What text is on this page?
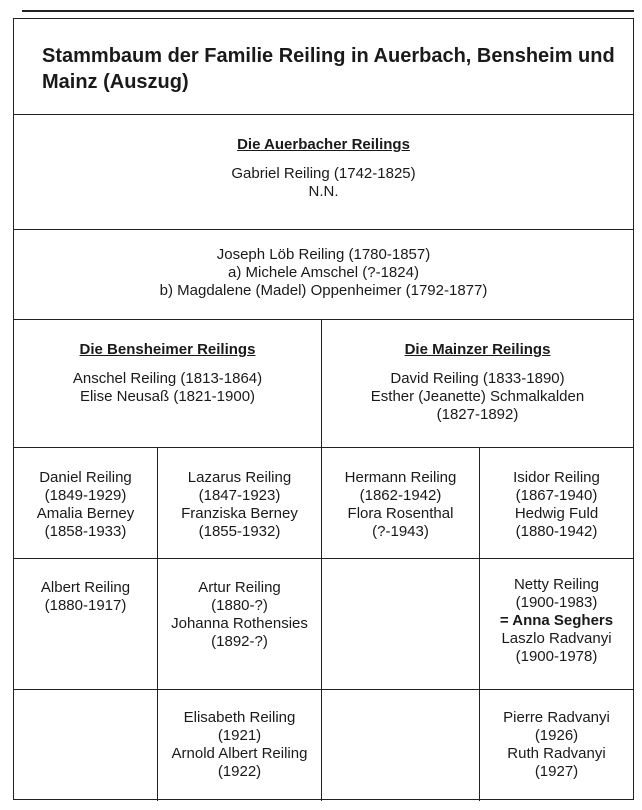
Stammbaum der Familie Reiling in Auerbach, Bensheim und Mainz (Auszug)
Die Auerbacher Reilings
Gabriel Reiling (1742-1825)
N.N.
Joseph Löb Reiling (1780-1857)
a) Michele Amschel (?-1824)
b) Magdalene (Madel) Oppenheimer (1792-1877)
Die Bensheimer Reilings
Anschel Reiling (1813-1864)
Elise Neusaß (1821-1900)
Die Mainzer Reilings
David Reiling (1833-1890)
Esther (Jeanette) Schmalkalden
(1827-1892)
Daniel Reiling
(1849-1929)
Amalia Berney
(1858-1933)
Lazarus Reiling
(1847-1923)
Franziska Berney
(1855-1932)
Hermann Reiling
(1862-1942)
Flora Rosenthal
(?-1943)
Isidor Reiling
(1867-1940)
Hedwig Fuld
(1880-1942)
Albert Reiling
(1880-1917)
Artur Reiling
(1880-?)
Johanna Rothensies
(1892-?)
Netty Reiling
(1900-1983)
= Anna Seghers
Laszlo Radvanyi
(1900-1978)
Elisabeth Reiling
(1921)
Arnold Albert Reiling
(1922)
Pierre Radvanyi
(1926)
Ruth Radvanyi
(1927)
